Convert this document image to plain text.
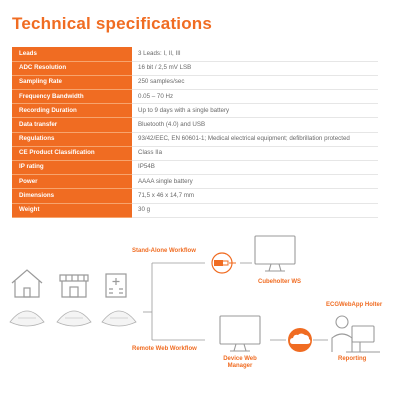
Technical specifications
Leads	3 Leads: I, II, III
ADC Resolution	16 bit / 2,5 mV LSB
Sampling Rate	250 samples/sec
Frequency Bandwidth	0.05 – 70 Hz
Recording Duration	Up to 9 days with a single battery
Data transfer	Bluetooth (4.0) and USB
Regulations	93/42/EEC, EN 60601-1; Medical electrical equipment; defibrillation protected
CE Product Classification	Class IIa
IP rating	IP54B
Power	AAAA single battery
Dimensions	71,5 x 46 x 14,7 mm
Weight	30 g
Stand-Alone Workflow
Remote Web Workflow
Cubeholter WS
Device Web Manager
ECGWebApp Holter
Reporting
